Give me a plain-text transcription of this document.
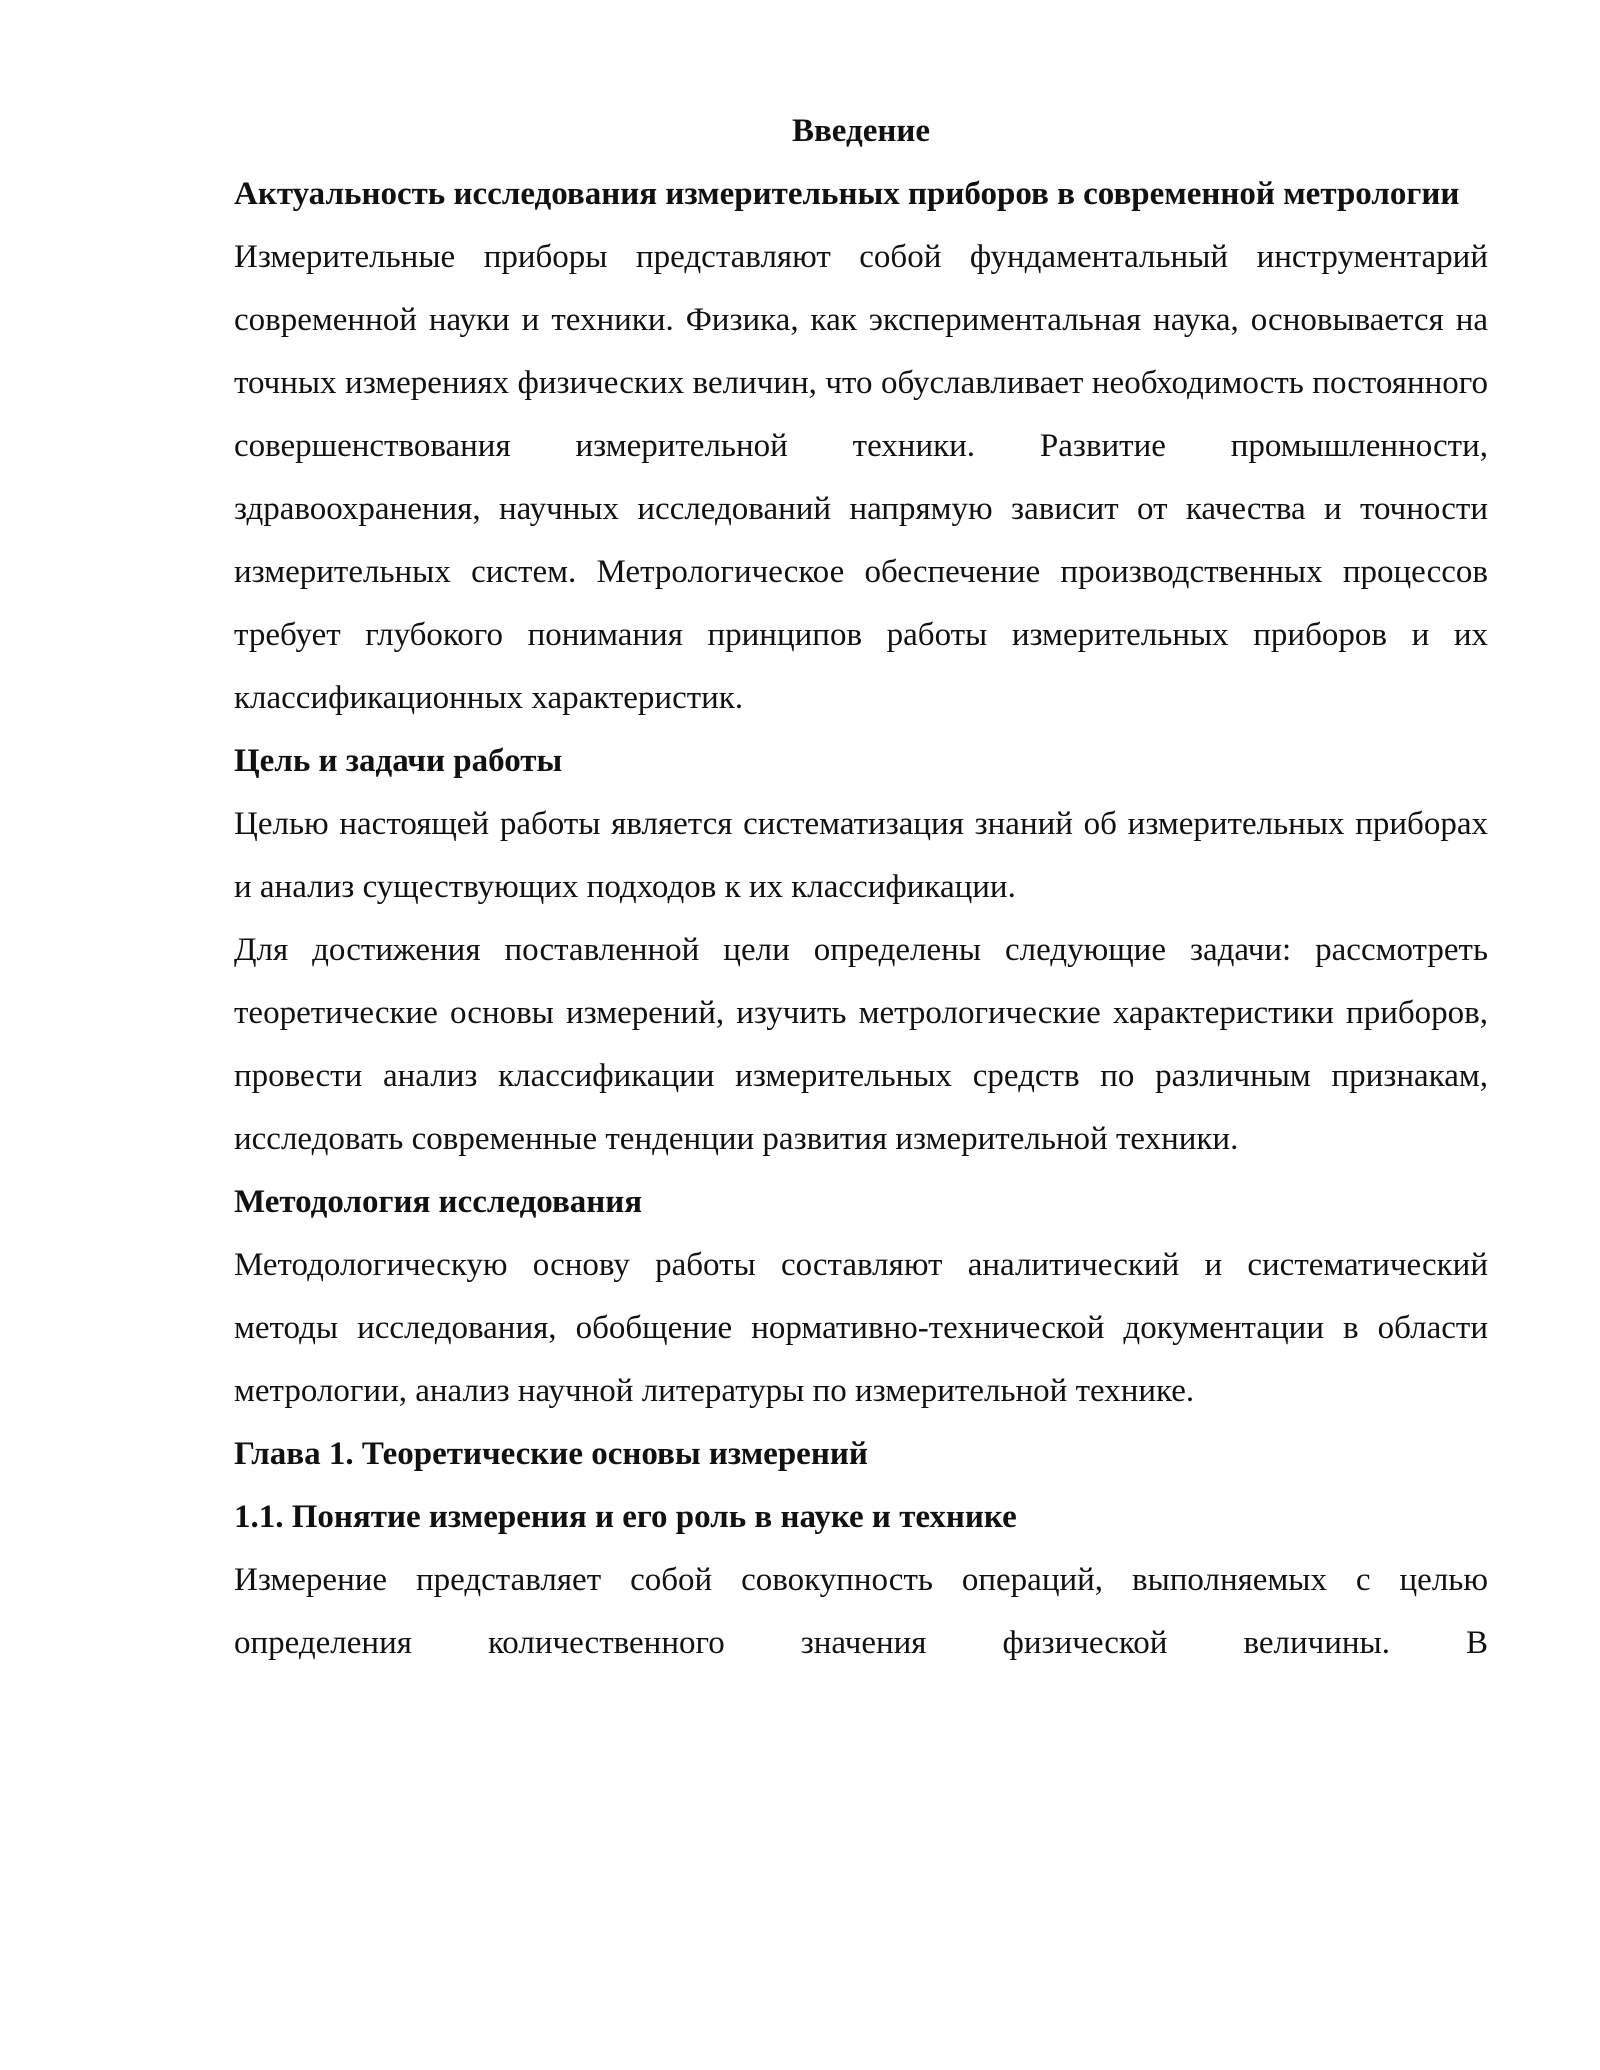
Введение
Актуальность исследования измерительных приборов в современной метрологии

Измерительные приборы представляют собой фундаментальный инструментарий современной науки и техники. Физика, как экспериментальная наука, основывается на точных измерениях физических величин, что обуславливает необходимость постоянного совершенствования измерительной техники. Развитие промышленности, здравоохранения, научных исследований напрямую зависит от качества и точности измерительных систем. Метрологическое обеспечение производственных процессов требует глубокого понимания принципов работы измерительных приборов и их классификационных характеристик.

Цель и задачи работы

Целью настоящей работы является систематизация знаний об измерительных приборах и анализ существующих подходов к их классификации.

Для достижения поставленной цели определены следующие задачи: рассмотреть теоретические основы измерений, изучить метрологические характеристики приборов, провести анализ классификации измерительных средств по различным признакам, исследовать современные тенденции развития измерительной техники.

Методология исследования

Методологическую основу работы составляют аналитический и систематический методы исследования, обобщение нормативно-технической документации в области метрологии, анализ научной литературы по измерительной технике.

Глава 1. Теоретические основы измерений
1.1. Понятие измерения и его роль в науке и технике

Измерение представляет собой совокупность операций, выполняемых с целью определения количественного значения физической величины. В
